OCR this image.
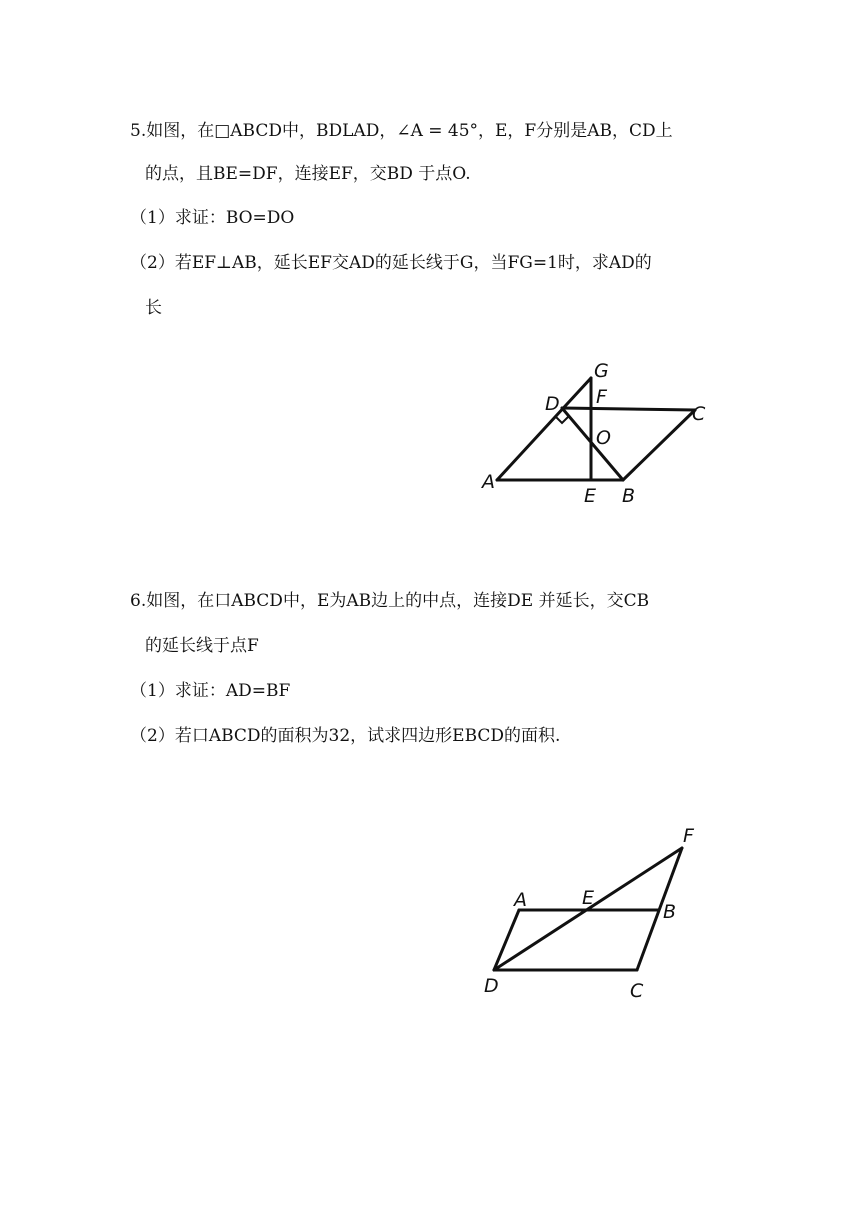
5.如图，在□ABCD中，BDLAD，∠A = 45°，E，F分别是AB，CD上
的点，且BE=DF，连接EF，交BD 于点O.
（1）求证：BO=DO
（2）若EF⊥AB，延长EF交AD的延长线于G，当FG=1时，求AD的
长
G
D F
C
O
A
E B
6.如图，在口ABCD中，E为AB边上的中点，连接DE 并延长，交CB
的延长线于点F
（1）求证：AD=BF
（2）若口ABCD的面积为32，试求四边形EBCD的面积.
F
A	E
B
D	C
